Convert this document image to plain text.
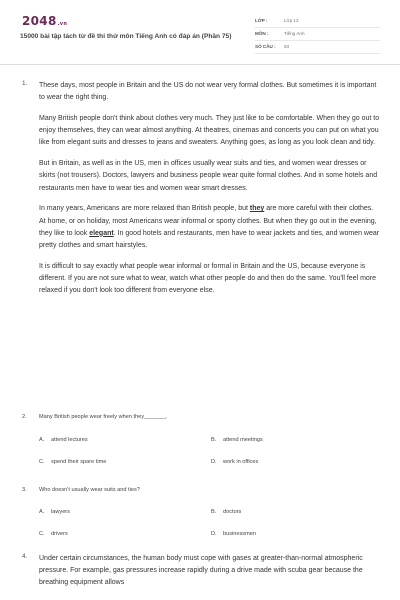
2048.vn
15000 bài tập tách từ đề thi thử môn Tiếng Anh có đáp án (Phần 75)
LỚP :	Lớp 12
MÔN :	Tiếng Anh
SỐ CÂU : 83
1. These days, most people in Britain and the US do not wear very formal clothes. But sometimes it is important to wear the right thing.

Many British people don't think about clothes very much. They just like to be comfortable. When they go out to enjoy themselves, they can wear almost anything. At theatres, cinemas and concerts you can put on what you like from elegant suits and dresses to jeans and sweaters. Anything goes, as long as you look clean and tidy.

But in Britain, as well as in the US, men in offices usually wear suits and ties, and women wear dresses or skirts (not trousers). Doctors, lawyers and business people wear quite formal clothes. And in some hotels and restaurants men have to wear ties and women wear smart dresses.

In many years, Americans are more relaxed than British people, but they are more careful with their clothes. At home, or on holiday, most Americans wear informal or sporty clothes. But when they go out in the evening, they like to look elegant. In good hotels and restaurants, men have to wear jackets and ties, and women wear pretty clothes and smart hairstyles.

It is difficult to say exactly what people wear informal or formal in Britain and the US, because everyone is different. If you are not sure what to wear, watch what other people do and then do the same. You'll feel more relaxed if you don't look too different from everyone else.

2. Many British people wear freely when they_______.
A. attend lectures	B. attend meetings
C. spend their spare time	D. work in offices
3. Who doesn't usually wear suits and ties?
A. lawyers	B. doctors
C. drivers	D. businessmen
4. Under certain circumstances, the human body must cope with gases at greater-than-normal atmospheric pressure. For example, gas pressures increase rapidly during a drive made with scuba gear because the breathing equipment allows
